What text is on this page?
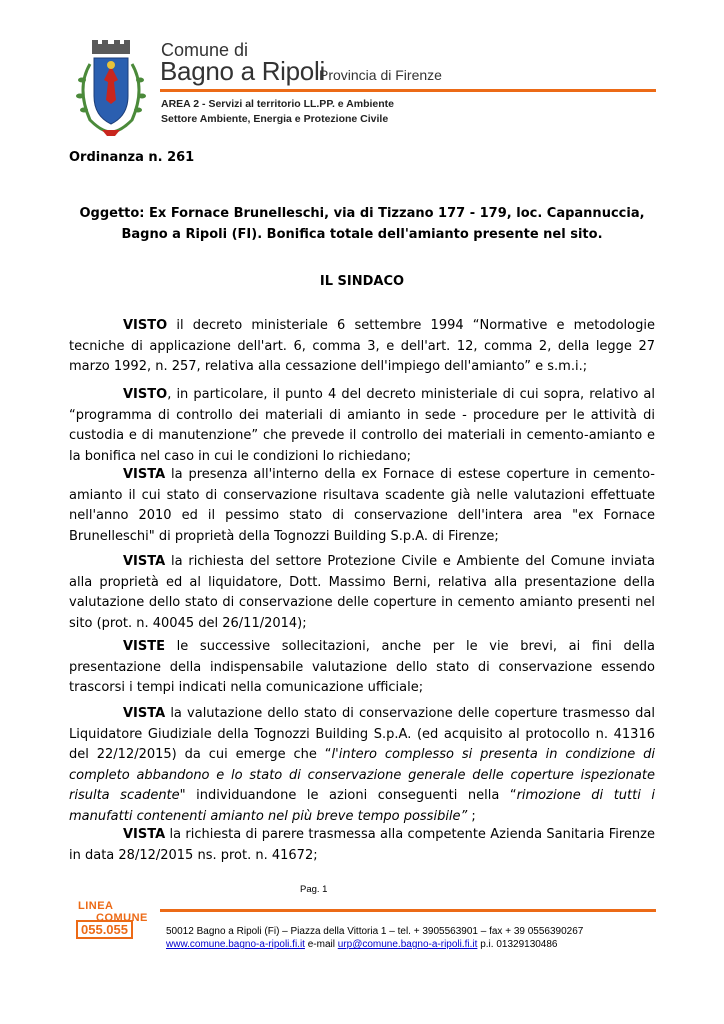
Comune di
Bagno a Ripoli
Provincia di Firenze
AREA 2 - Servizi al territorio LL.PP. e Ambiente
Settore Ambiente, Energia e Protezione Civile
Ordinanza n. 261
Oggetto: Ex Fornace Brunelleschi, via di Tizzano 177 - 179, loc. Capannuccia, Bagno a Ripoli (FI). Bonifica totale dell'amianto presente nel sito.
IL SINDACO
VISTO il decreto ministeriale 6 settembre 1994 “Normative e metodologie tecniche di applicazione dell'art. 6, comma 3, e dell'art. 12, comma 2, della legge 27 marzo 1992, n. 257, relativa alla cessazione dell'impiego dell'amianto” e s.m.i.;
VISTO, in particolare, il punto 4 del decreto ministeriale di cui sopra, relativo al “programma di controllo dei materiali di amianto in sede - procedure per le attività di custodia e di manutenzione” che prevede il controllo dei materiali in cemento-amianto e la bonifica nel caso in cui le condizioni lo richiedano;
VISTA la presenza all'interno della ex Fornace di estese coperture in cemento-amianto il cui stato di conservazione risultava scadente già nelle valutazioni effettuate nell'anno 2010 ed il pessimo stato di conservazione dell'intera area "ex Fornace Brunelleschi" di proprietà della Tognozzi Building S.p.A. di Firenze;
VISTA la richiesta del settore Protezione Civile e Ambiente del Comune inviata alla proprietà ed al liquidatore, Dott. Massimo Berni, relativa alla presentazione della valutazione dello stato di conservazione delle coperture in cemento amianto presenti nel sito (prot. n. 40045 del 26/11/2014);
VISTE le successive sollecitazioni, anche per le vie brevi, ai fini della presentazione della indispensabile valutazione dello stato di conservazione essendo trascorsi i tempi indicati nella comunicazione ufficiale;
VISTA la valutazione dello stato di conservazione delle coperture trasmesso dal Liquidatore Giudiziale della Tognozzi Building S.p.A. (ed acquisito al protocollo n. 41316 del 22/12/2015) da cui emerge che “l'intero complesso si presenta in condizione di completo abbandono e lo stato di conservazione generale delle coperture ispezionate risulta scadente" individuandone le azioni conseguenti nella “rimozione di tutti i manufatti contenenti amianto nel più breve tempo possibile” ;
VISTA la richiesta di parere trasmessa alla competente Azienda Sanitaria Firenze in data 28/12/2015 ns. prot. n. 41672;
Pag. 1
LINEA
COMUNE
055.055	50012 Bagno a Ripoli (Fi) – Piazza della Vittoria 1 – tel. + 3905563901 – fax + 39 0556390267
www.comune.bagno-a-ripoli.fi.it e-mail urp@comune.bagno-a-ripoli.fi.it p.i. 01329130486
